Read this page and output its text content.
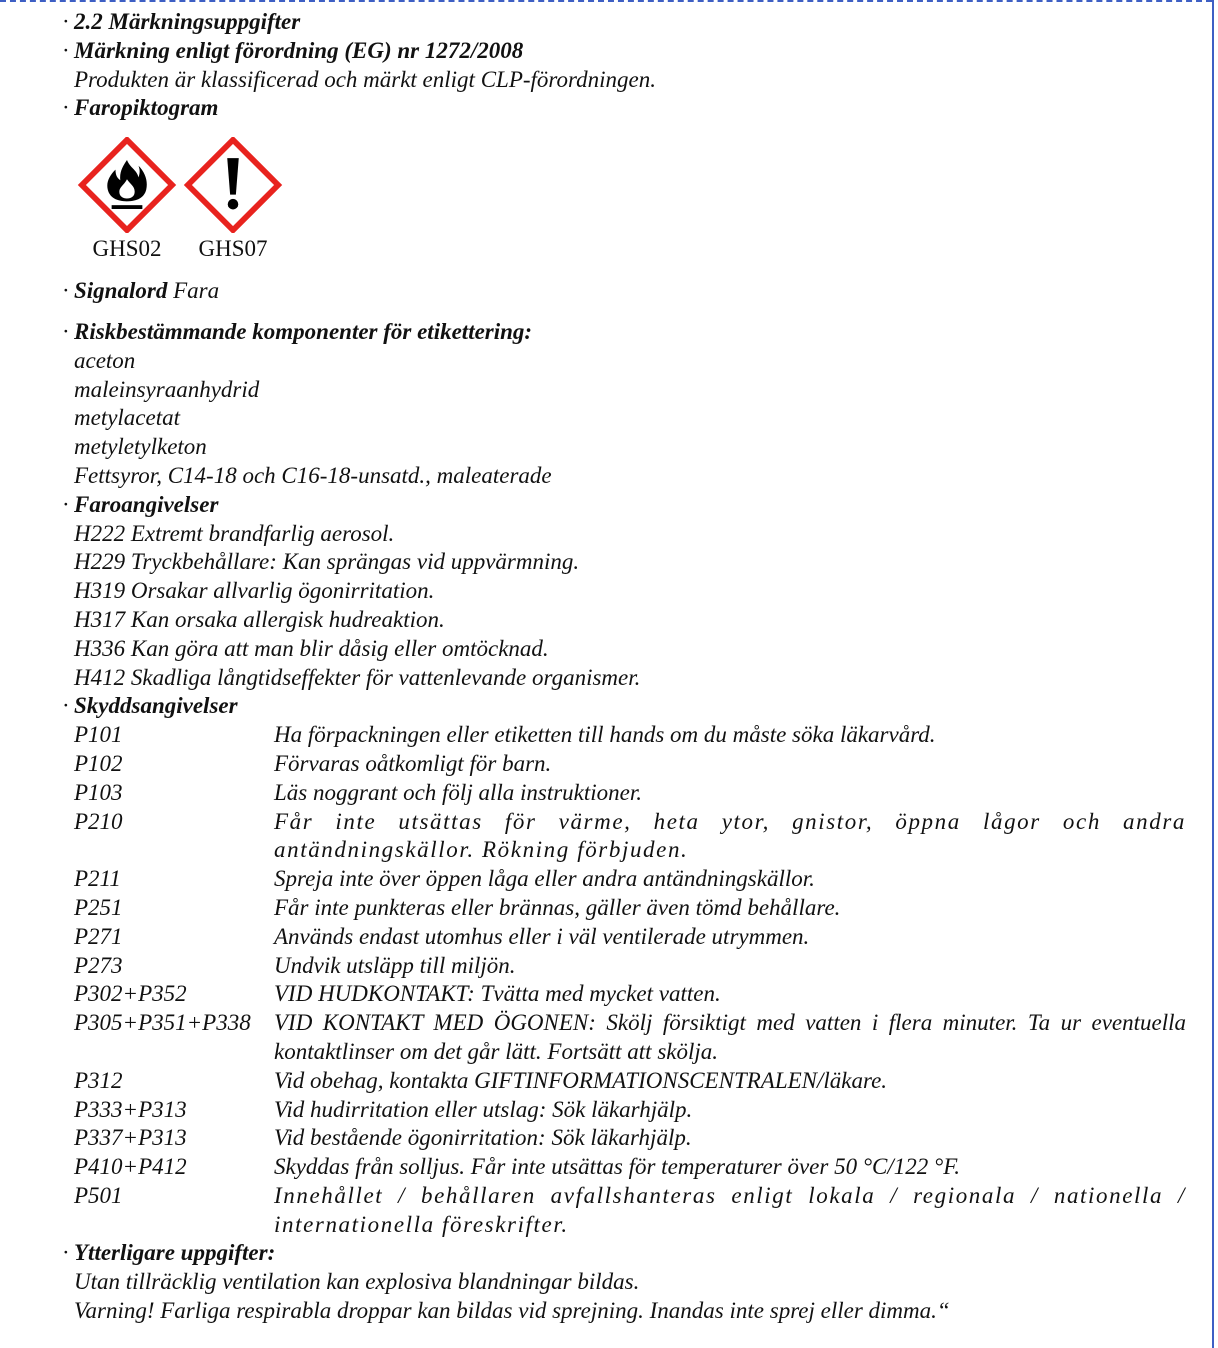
· 2.2 Märkningsuppgifter
· Märkning enligt förordning (EG) nr 1272/2008
Produkten är klassificerad och märkt enligt CLP-förordningen.
· Faropiktogram
GHS02 GHS07
· Signalord
Fara
· Riskbestämmande komponenter för etikettering:
aceton
maleinsyraanhydrid
metylacetat
metyletylketon
Fettsyror, C14-18 och C16-18-unsatd., maleaterade
· Faroangivelser
H222 Extremt brandfarlig aerosol.
H229 Tryckbehållare: Kan sprängas vid uppvärmning.
H319 Orsakar allvarlig ögonirritation.
H317 Kan orsaka allergisk hudreaktion.
H336 Kan göra att man blir dåsig eller omtöcknad.
H412 Skadliga långtidseffekter för vattenlevande organismer.
· Skyddsangivelser
P101	Ha förpackningen eller etiketten till hands om du måste söka läkarvård.
P102	Förvaras oåtkomligt för barn.
P103	Läs noggrant och följ alla instruktioner.
P210	Får inte utsättas för värme, heta ytor, gnistor, öppna lågor och andra antändningskällor. Rökning förbjuden.
P211	Spreja inte över öppen låga eller andra antändningskällor.
P251	Får inte punkteras eller brännas, gäller även tömd behållare.
P271	Används endast utomhus eller i väl ventilerade utrymmen.
P273	Undvik utsläpp till miljön.
P302+P352	VID HUDKONTAKT: Tvätta med mycket vatten.
P305+P351+P338	VID KONTAKT MED ÖGONEN: Skölj försiktigt med vatten i flera minuter. Ta ur eventuella kontaktlinser om det går lätt. Fortsätt att skölja.
P312	Vid obehag, kontakta GIFTINFORMATIONSCENTRALEN/läkare.
P333+P313	Vid hudirritation eller utslag: Sök läkarhjälp.
P337+P313	Vid bestående ögonirritation: Sök läkarhjälp.
P410+P412	Skyddas från solljus. Får inte utsättas för temperaturer över 50 °C/122 °F.
P501	Innehållet / behållaren avfallshanteras enligt lokala / regionala / nationella / internationella föreskrifter.
· Ytterligare uppgifter:
Utan tillräcklig ventilation kan explosiva blandningar bildas.
Varning! Farliga respirabla droppar kan bildas vid sprejning. Inandas inte sprej eller dimma.“
